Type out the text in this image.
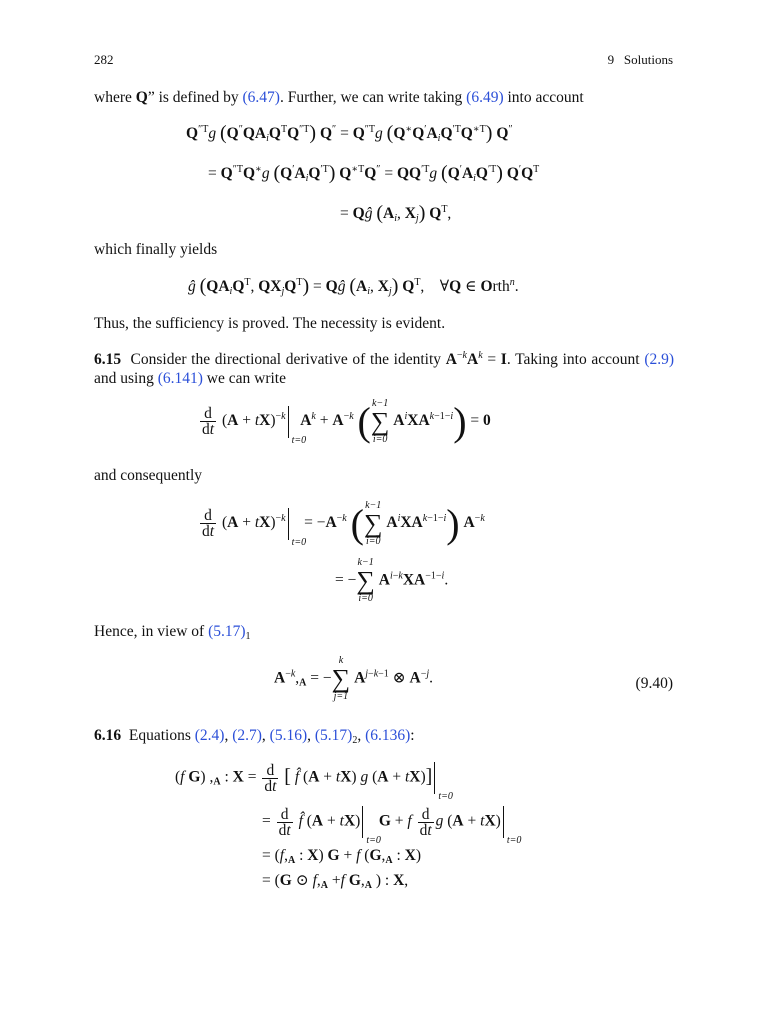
282	9   Solutions
where Q” is defined by (6.47). Further, we can write taking (6.49) into account
$Q^{''T}g$ $(Q''QA_iQ^TQ^{''T}) Q'' = Q^{''T}g$ $(Q^∗Q'A_iQ^{'T}Q^{∗T})$ Q″
= $Q^{''T}Q^∗g$ $(Q'A_iQ^{'T}) Q^{∗T}Q'' = QQ^{'T}g$ $(Q'A_iQ^{'T})$ $Q'Q^T$
= Qĝ ($A_i$, $X_j$) $Q^T$,
which finally yields
ĝ ($QA_iQ^T$, $QX_jQ^T$) = Qĝ ($A_i$, $X_j$) $Q^T$,    ∀Q ∈ Orth$^n$.
Thus, the sufficiency is proved. The necessity is evident.
6.15 Consider the directional derivative of the identity $A^{-k}A^k = I$. Taking into account (2.9) and using (6.141) we can write
$\frac{d}{dt} (A + tX)^{-k}$
t=0
$A^k + A^{-k}$ ( k−1
∑
i=0
$A^iXA^{k-1-i}) = 0$
and consequently
$\frac{d}{dt} (A + tX)^{-k}$
t=0
= $-A^{-k}$ ( k−1
∑
i=0
$A^iXA^{k-1-i}$) $A^{-k}$
= −
k−1
∑
i=0
$A^{i-k}XA^{-1-i}$.
Hence, in view of $(5.17)_1$
$A^{-k},_A$ = −
k
∑
j=1
$A^{j-k-1}$ ⊗ $A^{-j}$.	(9.40)
6.16 Equations (2.4), (2.7), (5.16), $(5.17)_2$, (6.136):
(f G) $,_A$ : $X = \frac{d}{dt}$ [ f̂ (A + tX) g (A + tX)]
t=0
= $\frac{d}{dt}$ f̂ (A + tX)
t=0
G + f $\frac{d}{dt}$ g (A + tX)
t=0
= ($f,_A$ : X) G + f ($G,_A$ : X)
= (G ⊙ $f,_A +f$ $G,_A$ ) : X,
